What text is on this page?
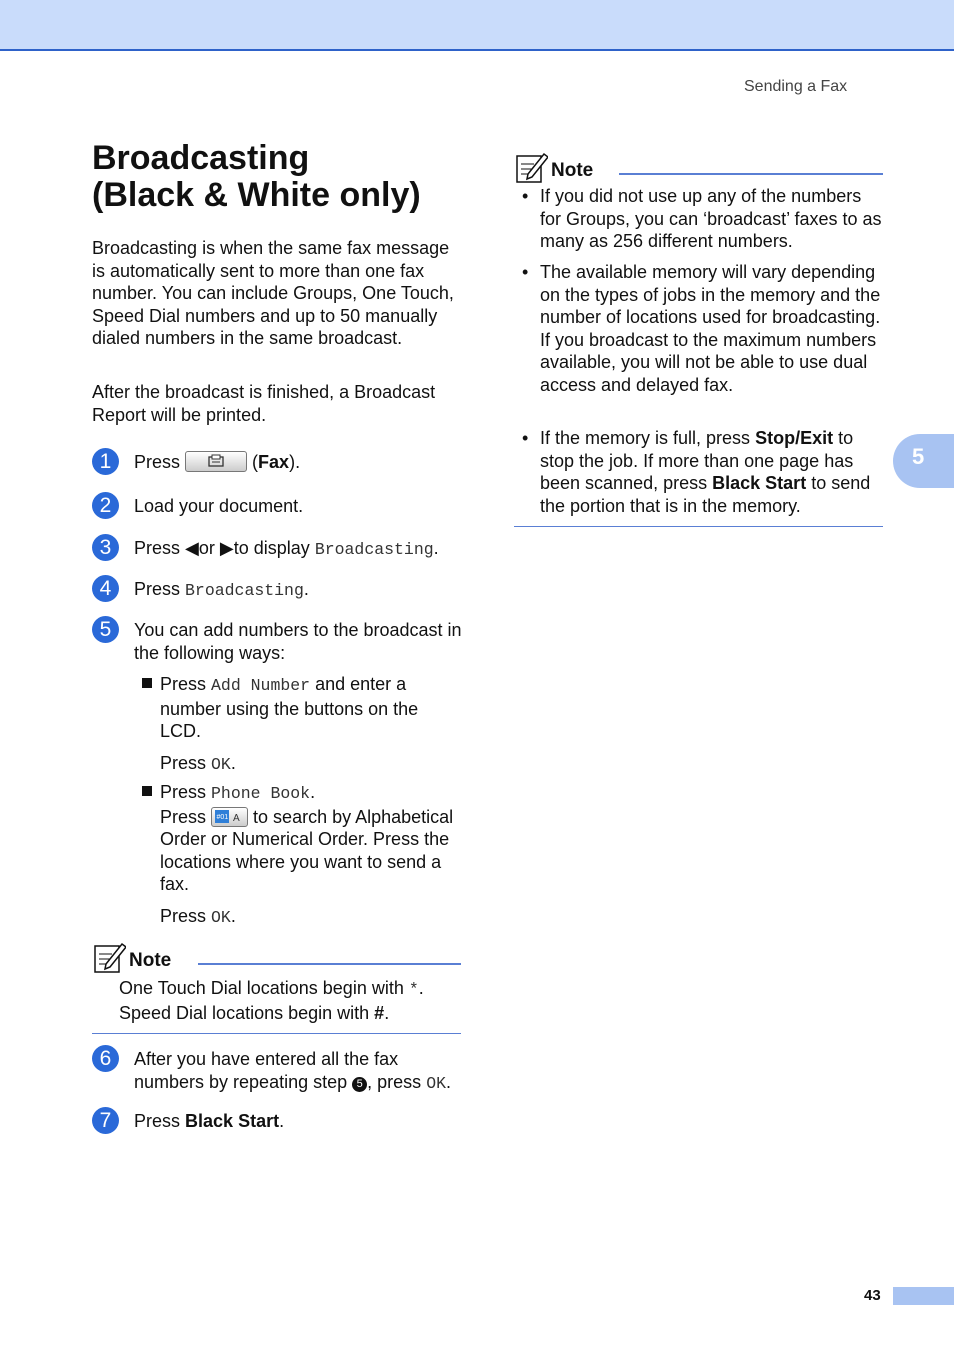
Sending a Fax
5
Broadcasting
(Black & White only)

Broadcasting is when the same fax message is automatically sent to more than one fax number. You can include Groups, One Touch, Speed Dial numbers and up to 50 manually dialed numbers in the same broadcast.

After the broadcast is finished, a Broadcast Report will be printed.

1	Press	(Fax).
2	Load your document.
3	Press ◀or ▶to display Broadcasting.
4	Press Broadcasting.
5	You can add numbers to the broadcast in the following ways:
Press Add Number and enter a number using the buttons on the LCD.
Press OK.
Press Phone Book.
Press #01 A to search by Alphabetical Order or Numerical Order. Press the locations where you want to send a fax.
Press OK.
Note
One Touch Dial locations begin with *.
Speed Dial locations begin with #.
6	After you have entered all the fax numbers by repeating step 5 , press OK.
7	Press Black Start.
Note
• If you did not use up any of the numbers for Groups, you can ‘broadcast’ faxes to as many as 256 different numbers.
• The available memory will vary depending on the types of jobs in the memory and the number of locations used for broadcasting. If you broadcast to the maximum numbers available, you will not be able to use dual access and delayed fax.
• If the memory is full, press Stop/Exit to stop the job. If more than one page has been scanned, press Black Start to send the portion that is in the memory.
43
